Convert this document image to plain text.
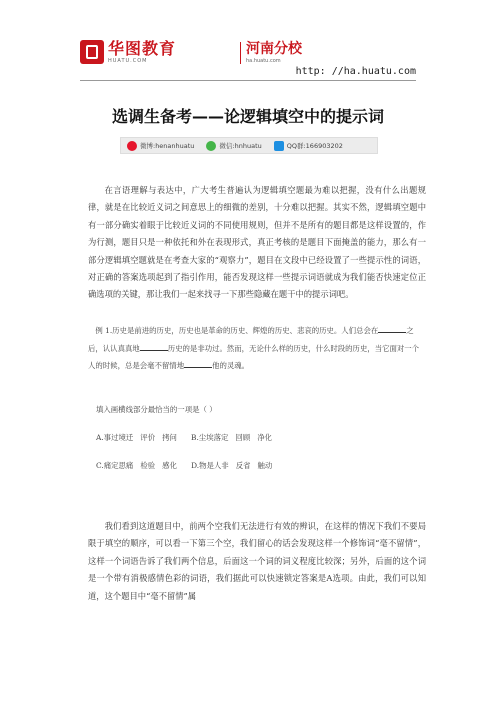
华图教育
HUATU.COM
河南分校
ha.huatu.com
http: //ha.huatu.com
选调生备考——论逻辑填空中的提示词
微博:henanhuatu	微信:hnhuatu	QQ群:166903202

在言语理解与表达中，广大考生普遍认为逻辑填空题最为难以把握，没有什么出题规律，就是在比较近义词之间意思上的细微的差别，十分难以把握。其实不然，逻辑填空题中有一部分确实着眼于比较近义词的不同使用规则，但并不是所有的题目都是这样设置的，作为行测，题目只是一种依托和外在表现形式，真正考核的是题目下面掩盖的能力，那么有一部分逻辑填空题就是在考查大家的“观察力”，题目在文段中已经设置了一些提示性的词语，对正确的答案选项起到了指引作用，能否发现这样一些提示词语就成为我们能否快速定位正确选项的关键，那让我们一起来找寻一下那些隐藏在题干中的提示词吧。

例 1.历史是前进的历史，历史也是革命的历史、辉煌的历史、悲哀的历史。人们总会在	之后，认认真真地	历史的是非功过。然而，无论什么样的历史，什么时段的历史，当它面对一个人的时候，总是会毫不留情地	他的灵魂。

填入画横线部分最恰当的一项是（ ）

A.事过境迁   评价   拷问 B.尘埃落定   回顾   净化
C.痛定思痛   检验   感化 D.物是人非   反省   触动

我们看到这道题目中，前两个空我们无法进行有效的辨识，在这样的情况下我们不要局限于填空的顺序，可以看一下第三个空，我们留心的话会发现这样一个修饰词“毫不留情”，这样一个词语告诉了我们两个信息，后面这一个词的词义程度比较深；另外，后面的这个词是一个带有消极感情色彩的词语，我们据此可以快速锁定答案是A选项。由此，我们可以知道，这个题目中“毫不留情”属
